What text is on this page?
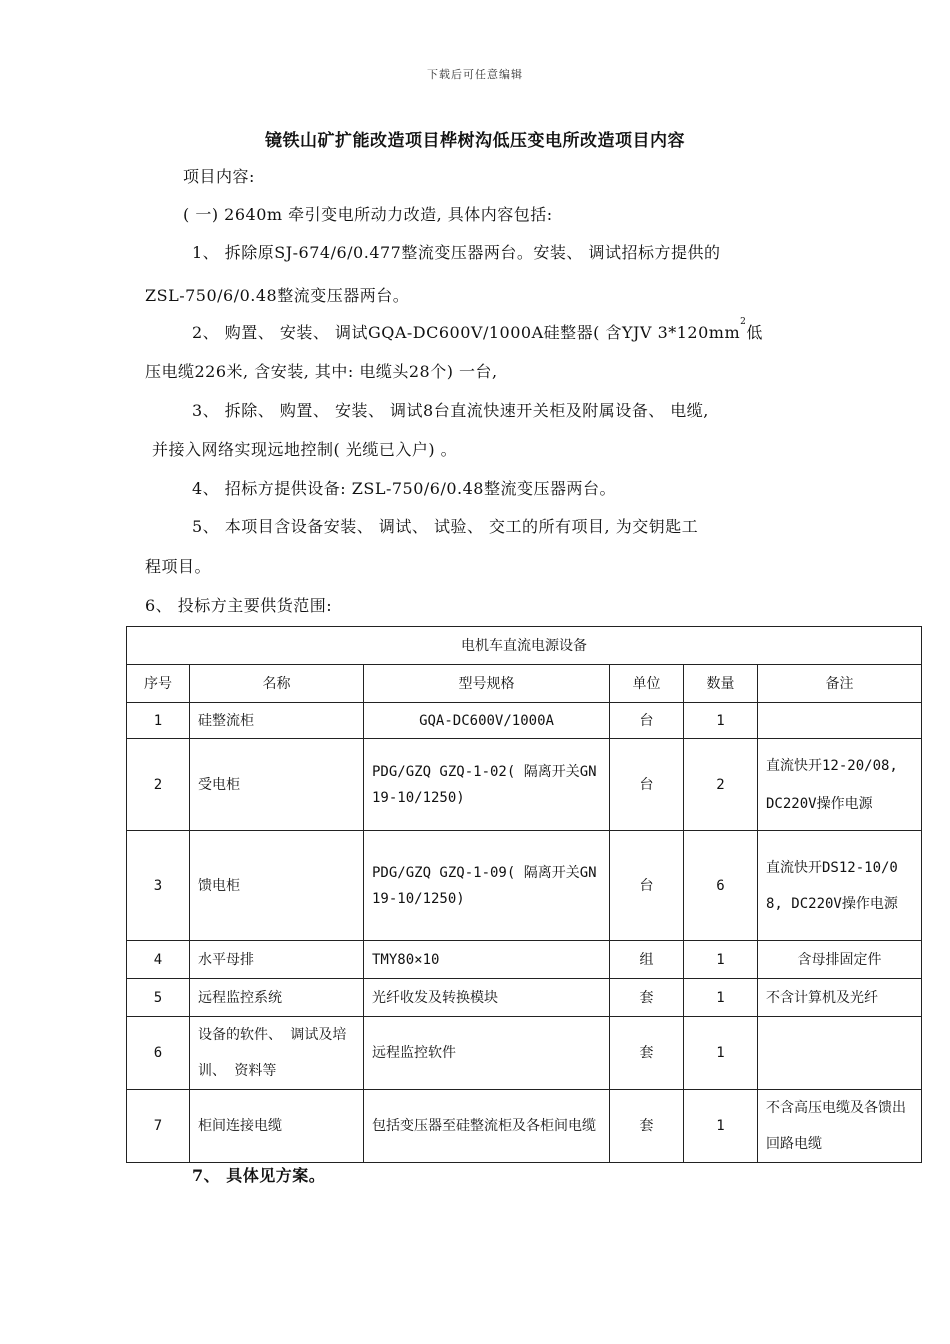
下载后可任意编辑
镜铁山矿扩能改造项目桦树沟低压变电所改造项目内容
项目内容:
( 一) 2640m 牵引变电所动力改造, 具体内容包括:
1、 拆除原SJ-674/6/0.477整流变压器两台。安装、 调试招标方提供的
ZSL-750/6/0.48整流变压器两台。
2、 购置、 安装、 调试GQA-DC600V/1000A硅整器( 含YJV $3*120mm^2$低
压电缆226米, 含安装, 其中: 电缆头28个) 一台,
3、 拆除、 购置、 安装、 调试8台直流快速开关柜及附属设备、 电缆,
并接入网络实现远地控制( 光缆已入户) 。
4、 招标方提供设备: ZSL-750/6/0.48整流变压器两台。
5、 本项目含设备安装、 调试、 试验、 交工的所有项目, 为交钥匙工
程项目。
6、 投标方主要供货范围:
电机车直流电源设备					
序号	名称	型号规格	单位	数量	备注
1	硅整流柜	GQA-DC600V/1000A	台	1	
2	受电柜	PDG/GZQ GZQ-1-02( 隔离开关GN19-10/1250)	台	2	直流快开12-20/08, DC220V操作电源
3	馈电柜	PDG/GZQ GZQ-1-09( 隔离开关GN19-10/1250)	台	6	直流快开DS12-10/08, DC220V操作电源
4	水平母排	TMY80×10	组	1	含母排固定件
5	远程监控系统	光纤收发及转换模块	套	1	不含计算机及光纤
6	设备的软件、 调试及培训、 资料等	远程监控软件	套	1	
7	柜间连接电缆	包括变压器至硅整流柜及各柜间电缆	套	1	不含高压电缆及各馈出回路电缆
7、 具体见方案。
